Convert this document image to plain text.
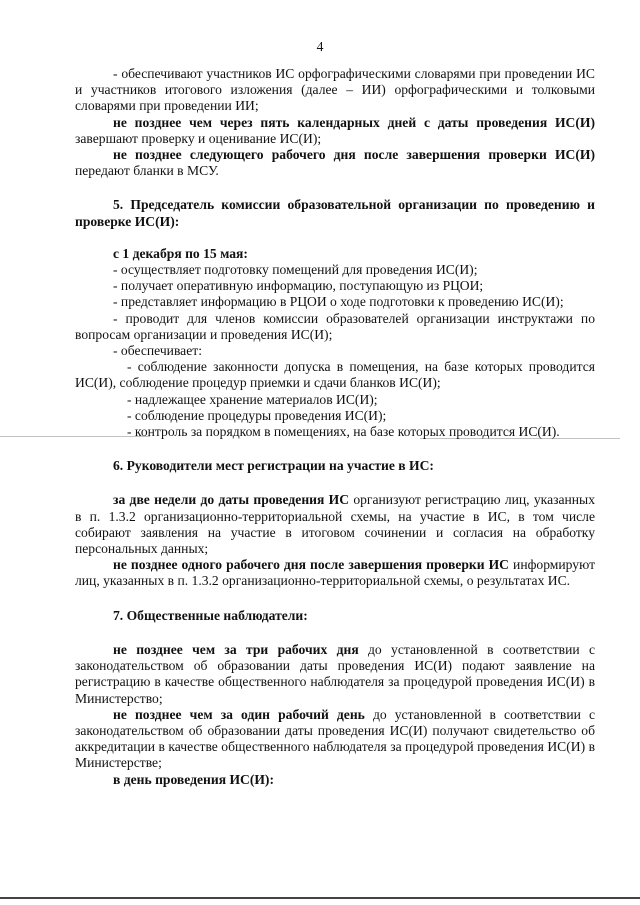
4

- обеспечивают участников ИС орфографическими словарями при проведении ИС и участников итогового изложения (далее – ИИ) орфографическими и толковыми словарями при проведении ИИ;

не позднее чем через пять календарных дней с даты проведения ИС(И) завершают проверку и оценивание ИС(И);

не позднее следующего рабочего дня после завершения проверки ИС(И) передают бланки в МСУ.

5. Председатель комиссии образовательной организации по проведению и проверке ИС(И):

с 1 декабря по 15 мая:

- осуществляет подготовку помещений для проведения ИС(И);

- получает оперативную информацию, поступающую из РЦОИ;

- представляет информацию в РЦОИ о ходе подготовки к проведению ИС(И);

- проводит для членов комиссии образователей организации инструктажи по вопросам организации и проведения ИС(И);

- обеспечивает:

- соблюдение законности допуска в помещения, на базе которых проводится ИС(И), соблюдение процедур приемки и сдачи бланков ИС(И);

- надлежащее хранение материалов ИС(И);

- соблюдение процедуры проведения ИС(И);

- контроль за порядком в помещениях, на базе которых проводится ИС(И).

6. Руководители мест регистрации на участие в ИС:

за две недели до даты проведения ИС организуют регистрацию лиц, указанных в п. 1.3.2 организационно-территориальной схемы, на участие в ИС, в том числе собирают заявления на участие в итоговом сочинении и согласия на обработку персональных данных;

не позднее одного рабочего дня после завершения проверки ИС информируют лиц, указанных в п. 1.3.2 организационно-территориальной схемы, о результатах ИС.

7. Общественные наблюдатели:

не позднее чем за три рабочих дня до установленной в соответствии с законодательством об образовании даты проведения ИС(И) подают заявление на регистрацию в качестве общественного наблюдателя за процедурой проведения ИС(И) в Министерство;

не позднее чем за один рабочий день до установленной в соответствии с законодательством об образовании даты проведения ИС(И) получают свидетельство об аккредитации в качестве общественного наблюдателя за процедурой проведения ИС(И) в Министерстве;

в день проведения ИС(И):
